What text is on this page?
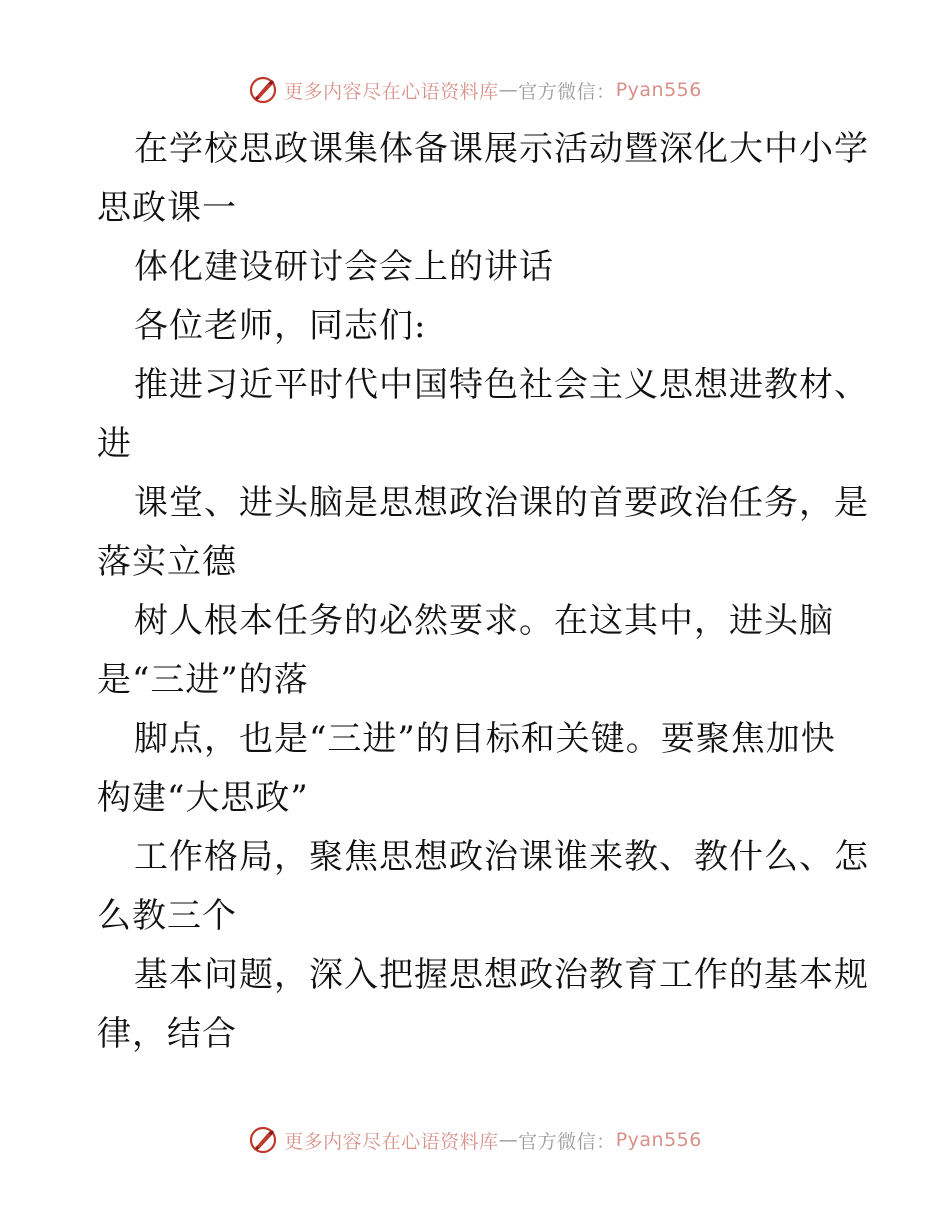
更多内容尽在心语资料库 — 官方微信： Pyan556
在学校思政课集体备课展示活动暨深化大中小学
思政课一
体化建设研讨会会上的讲话
各位老师，同志们:
推进习近平时代中国特色社会主义思想进教材、
进
课堂、进头脑是思想政治课的首要政治任务，是
落实立德
树人根本任务的必然要求。在这其中，进头脑
是“三进”的落
脚点，也是“三进”的目标和关键。要聚焦加快
构建“大思政”
工作格局，聚焦思想政治课谁来教、教什么、怎
么教三个
基本问题，深入把握思想政治教育工作的基本规
律，结合
更多内容尽在心语资料库 — 官方微信： Pyan556
